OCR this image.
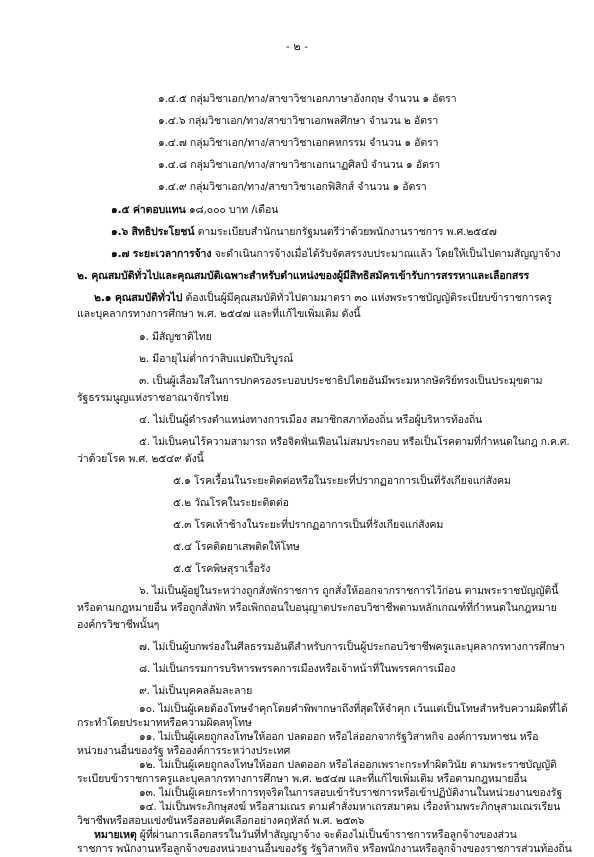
- ๒ -
๑.๔.๕ กลุ่มวิชาเอก/ทาง/สาขาวิชาเอกภาษาอังกฤษ จำนวน ๑ อัตรา
๑.๔.๖ กลุ่มวิชาเอก/ทาง/สาขาวิชาเอกพลศึกษา จำนวน ๒ อัตรา
๑.๔.๗ กลุ่มวิชาเอก/ทาง/สาขาวิชาเอกคหกรรม จำนวน ๑ อัตรา
๑.๔.๘ กลุ่มวิชาเอก/ทาง/สาขาวิชาเอกนาฏศิลป์ จำนวน ๑ อัตรา
๑.๔.๙ กลุ่มวิชาเอก/ทาง/สาขาวิชาเอกฟิสิกส์ จำนวน ๑ อัตรา
๑.๕ ค่าตอบแทน ๑๘,๐๐๐ บาท /เดือน
๑.๖ สิทธิประโยชน์ ตามระเบียบสำนักนายกรัฐมนตรีว่าด้วยพนักงานราชการ พ.ศ.๒๕๔๗
๑.๗ ระยะเวลาการจ้าง จะดำเนินการจ้างเมื่อได้รับจัดสรรงบประมาณแล้ว โดยให้เป็นไปตามสัญญาจ้าง
๒. คุณสมบัติทั่วไปและคุณสมบัติเฉพาะสำหรับตำแหน่งของผู้มีสิทธิสมัครเข้ารับการสรรหาและเลือกสรร
๒.๑ คุณสมบัติทั่วไป ต้องเป็นผู้มีคุณสมบัติทั่วไปตามมาตรา ๓๐ แห่งพระราชบัญญัติระเบียบข้าราชการครู
และบุคลากรทางการศึกษา พ.ศ. ๒๕๔๗ และที่แก้ไขเพิ่มเติม ดังนี้
๑. มีสัญชาติไทย
๒. มีอายุไม่ต่ำกว่าสิบแปดปีบริบูรณ์
๓. เป็นผู้เลื่อมใสในการปกครองระบอบประชาธิปไตยอันมีพระมหากษัตริย์ทรงเป็นประมุขตาม
รัฐธรรมนูญแห่งราชอาณาจักรไทย
๔. ไม่เป็นผู้ดำรงตำแหน่งทางการเมือง สมาชิกสภาท้องถิ่น หรือผู้บริหารท้องถิ่น
๕. ไม่เป็นคนไร้ความสามารถ หรือจิตฟั่นเฟือนไม่สมประกอบ หรือเป็นโรคตามที่กำหนดในกฎ ก.ค.ศ.
ว่าด้วยโรค พ.ศ. ๒๕๔๙ ดังนี้
๕.๑ โรคเรื้อนในระยะติดต่อหรือในระยะที่ปรากฏอาการเป็นที่รังเกียจแก่สังคม
๕.๒ วัณโรคในระยะติดต่อ
๕.๓ โรคเท้าช้างในระยะที่ปรากฏอาการเป็นที่รังเกียจแก่สังคม
๕.๔ โรคติดยาเสพติดให้โทษ
๕.๕ โรคพิษสุราเรื้อรัง
๖. ไม่เป็นผู้อยู่ในระหว่างถูกสั่งพักราชการ ถูกสั่งให้ออกจากราชการไว้ก่อน ตามพระราชบัญญัตินี้
หรือตามกฎหมายอื่น หรือถูกสั่งพัก หรือเพิกถอนใบอนุญาตประกอบวิชาชีพตามหลักเกณฑ์ที่กำหนดในกฎหมาย
องค์กรวิชาชีพนั้นๆ
๗. ไม่เป็นผู้บกพร่องในศีลธรรมอันดีสำหรับการเป็นผู้ประกอบวิชาชีพครูและบุคลากรทางการศึกษา
๘. ไม่เป็นกรรมการบริหารพรรคการเมืองหรือเจ้าหน้าที่ในพรรคการเมือง
๙. ไม่เป็นบุคคลล้มละลาย
๑๐. ไม่เป็นผู้เคยต้องโทษจำคุกโดยคำพิพากษาถึงที่สุดให้จำคุก เว้นแต่เป็นโทษสำหรับความผิดที่ได้
กระทำโดยประมาทหรือความผิดลหุโทษ
๑๑. ไม่เป็นผู้เคยถูกลงโทษให้ออก ปลดออก หรือไล่ออกจากรัฐวิสาหกิจ องค์การมหาชน หรือ
หน่วยงานอื่นของรัฐ หรือองค์การระหว่างประเทศ
๑๒. ไม่เป็นผู้เคยถูกลงโทษให้ออก ปลดออก หรือไล่ออกเพราะกระทำผิดวินัย ตามพระราชบัญญัติ
ระเบียบข้าราชการครูและบุคลากรทางการศึกษา พ.ศ. ๒๕๔๗ และที่แก้ไขเพิ่มเติม หรือตามกฎหมายอื่น
๑๓. ไม่เป็นผู้เคยกระทำการทุจริตในการสอบเข้ารับราชการหรือเข้าปฏิบัติงานในหน่วยงานของรัฐ
๑๔. ไม่เป็นพระภิกษุสงฆ์ หรือสามเณร ตามคำสั่งมหาเถรสมาคม เรื่องห้ามพระภิกษุสามเณรเรียน
วิชาชีพหรือสอบแข่งขันหรือสอบคัดเลือกอย่างคฤหัสถ์ พ.ศ. ๒๕๓๖
หมายเหตุ ผู้ที่ผ่านการเลือกสรรในวันที่ทำสัญญาจ้าง จะต้องไม่เป็นข้าราชการหรือลูกจ้างของส่วน
ราชการ พนักงานหรือลูกจ้างของหน่วยงานอื่นของรัฐ รัฐวิสาหกิจ หรือพนักงานหรือลูกจ้างของราชการส่วนท้องถิ่น
